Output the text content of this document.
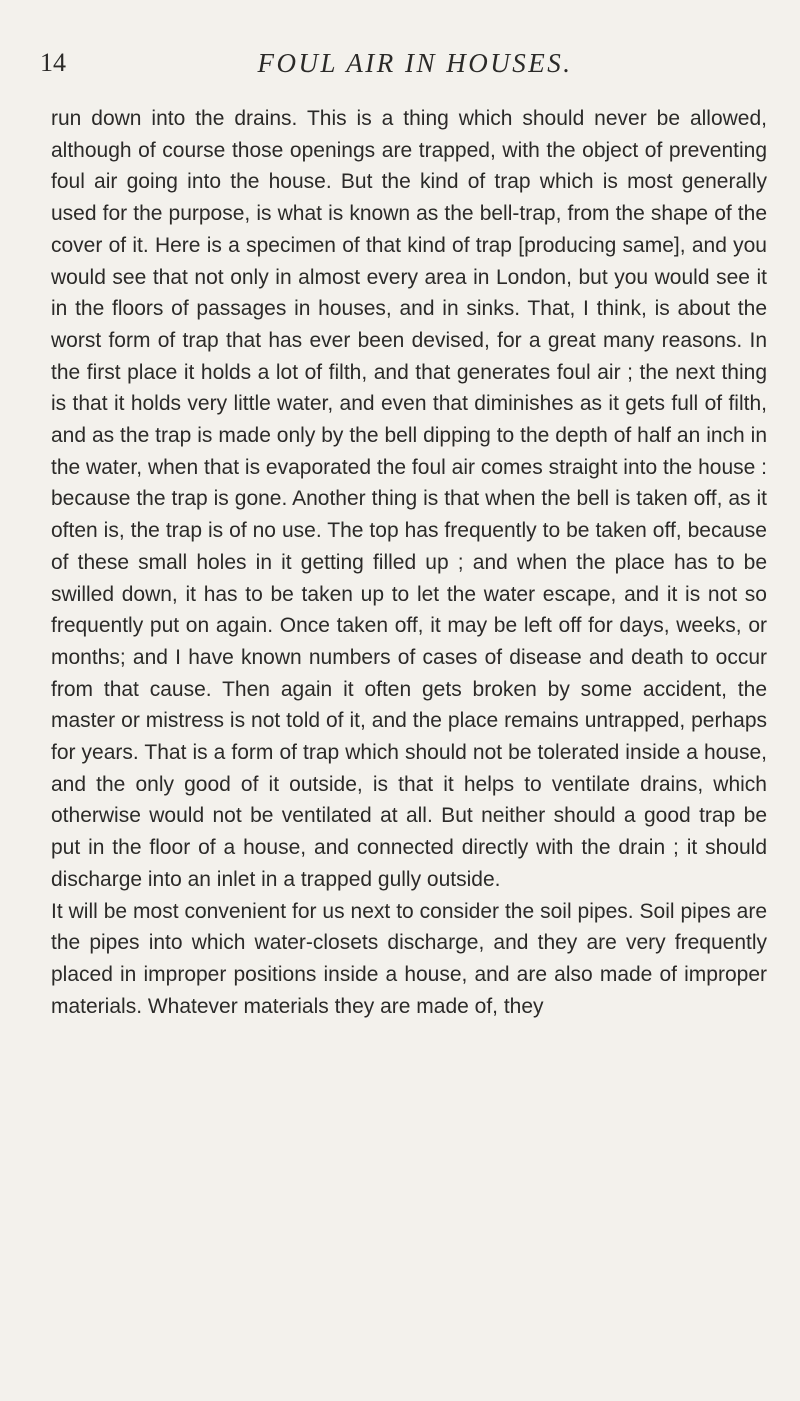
14	FOUL AIR IN HOUSES.

run down into the drains. This is a thing which should never be allowed, although of course those openings are trapped, with the object of preventing foul air going into the house. But the kind of trap which is most generally used for the purpose, is what is known as the bell-trap, from the shape of the cover of it. Here is a specimen of that kind of trap [producing same], and you would see that not only in almost every area in London, but you would see it in the floors of passages in houses, and in sinks. That, I think, is about the worst form of trap that has ever been devised, for a great many reasons. In the first place it holds a lot of filth, and that generates foul air ; the next thing is that it holds very little water, and even that diminishes as it gets full of filth, and as the trap is made only by the bell dipping to the depth of half an inch in the water, when that is evaporated the foul air comes straight into the house : because the trap is gone. Another thing is that when the bell is taken off, as it often is, the trap is of no use. The top has frequently to be taken off, because of these small holes in it getting filled up ; and when the place has to be swilled down, it has to be taken up to let the water escape, and it is not so frequently put on again. Once taken off, it may be left off for days, weeks, or months; and I have known numbers of cases of disease and death to occur from that cause. Then again it often gets broken by some accident, the master or mistress is not told of it, and the place remains untrapped, perhaps for years. That is a form of trap which should not be tolerated inside a house, and the only good of it outside, is that it helps to ventilate drains, which otherwise would not be ventilated at all. But neither should a good trap be put in the floor of a house, and connected directly with the drain ; it should discharge into an inlet in a trapped gully outside.

It will be most convenient for us next to consider the soil pipes. Soil pipes are the pipes into which water-closets discharge, and they are very frequently placed in improper positions inside a house, and are also made of improper materials. Whatever materials they are made of, they
